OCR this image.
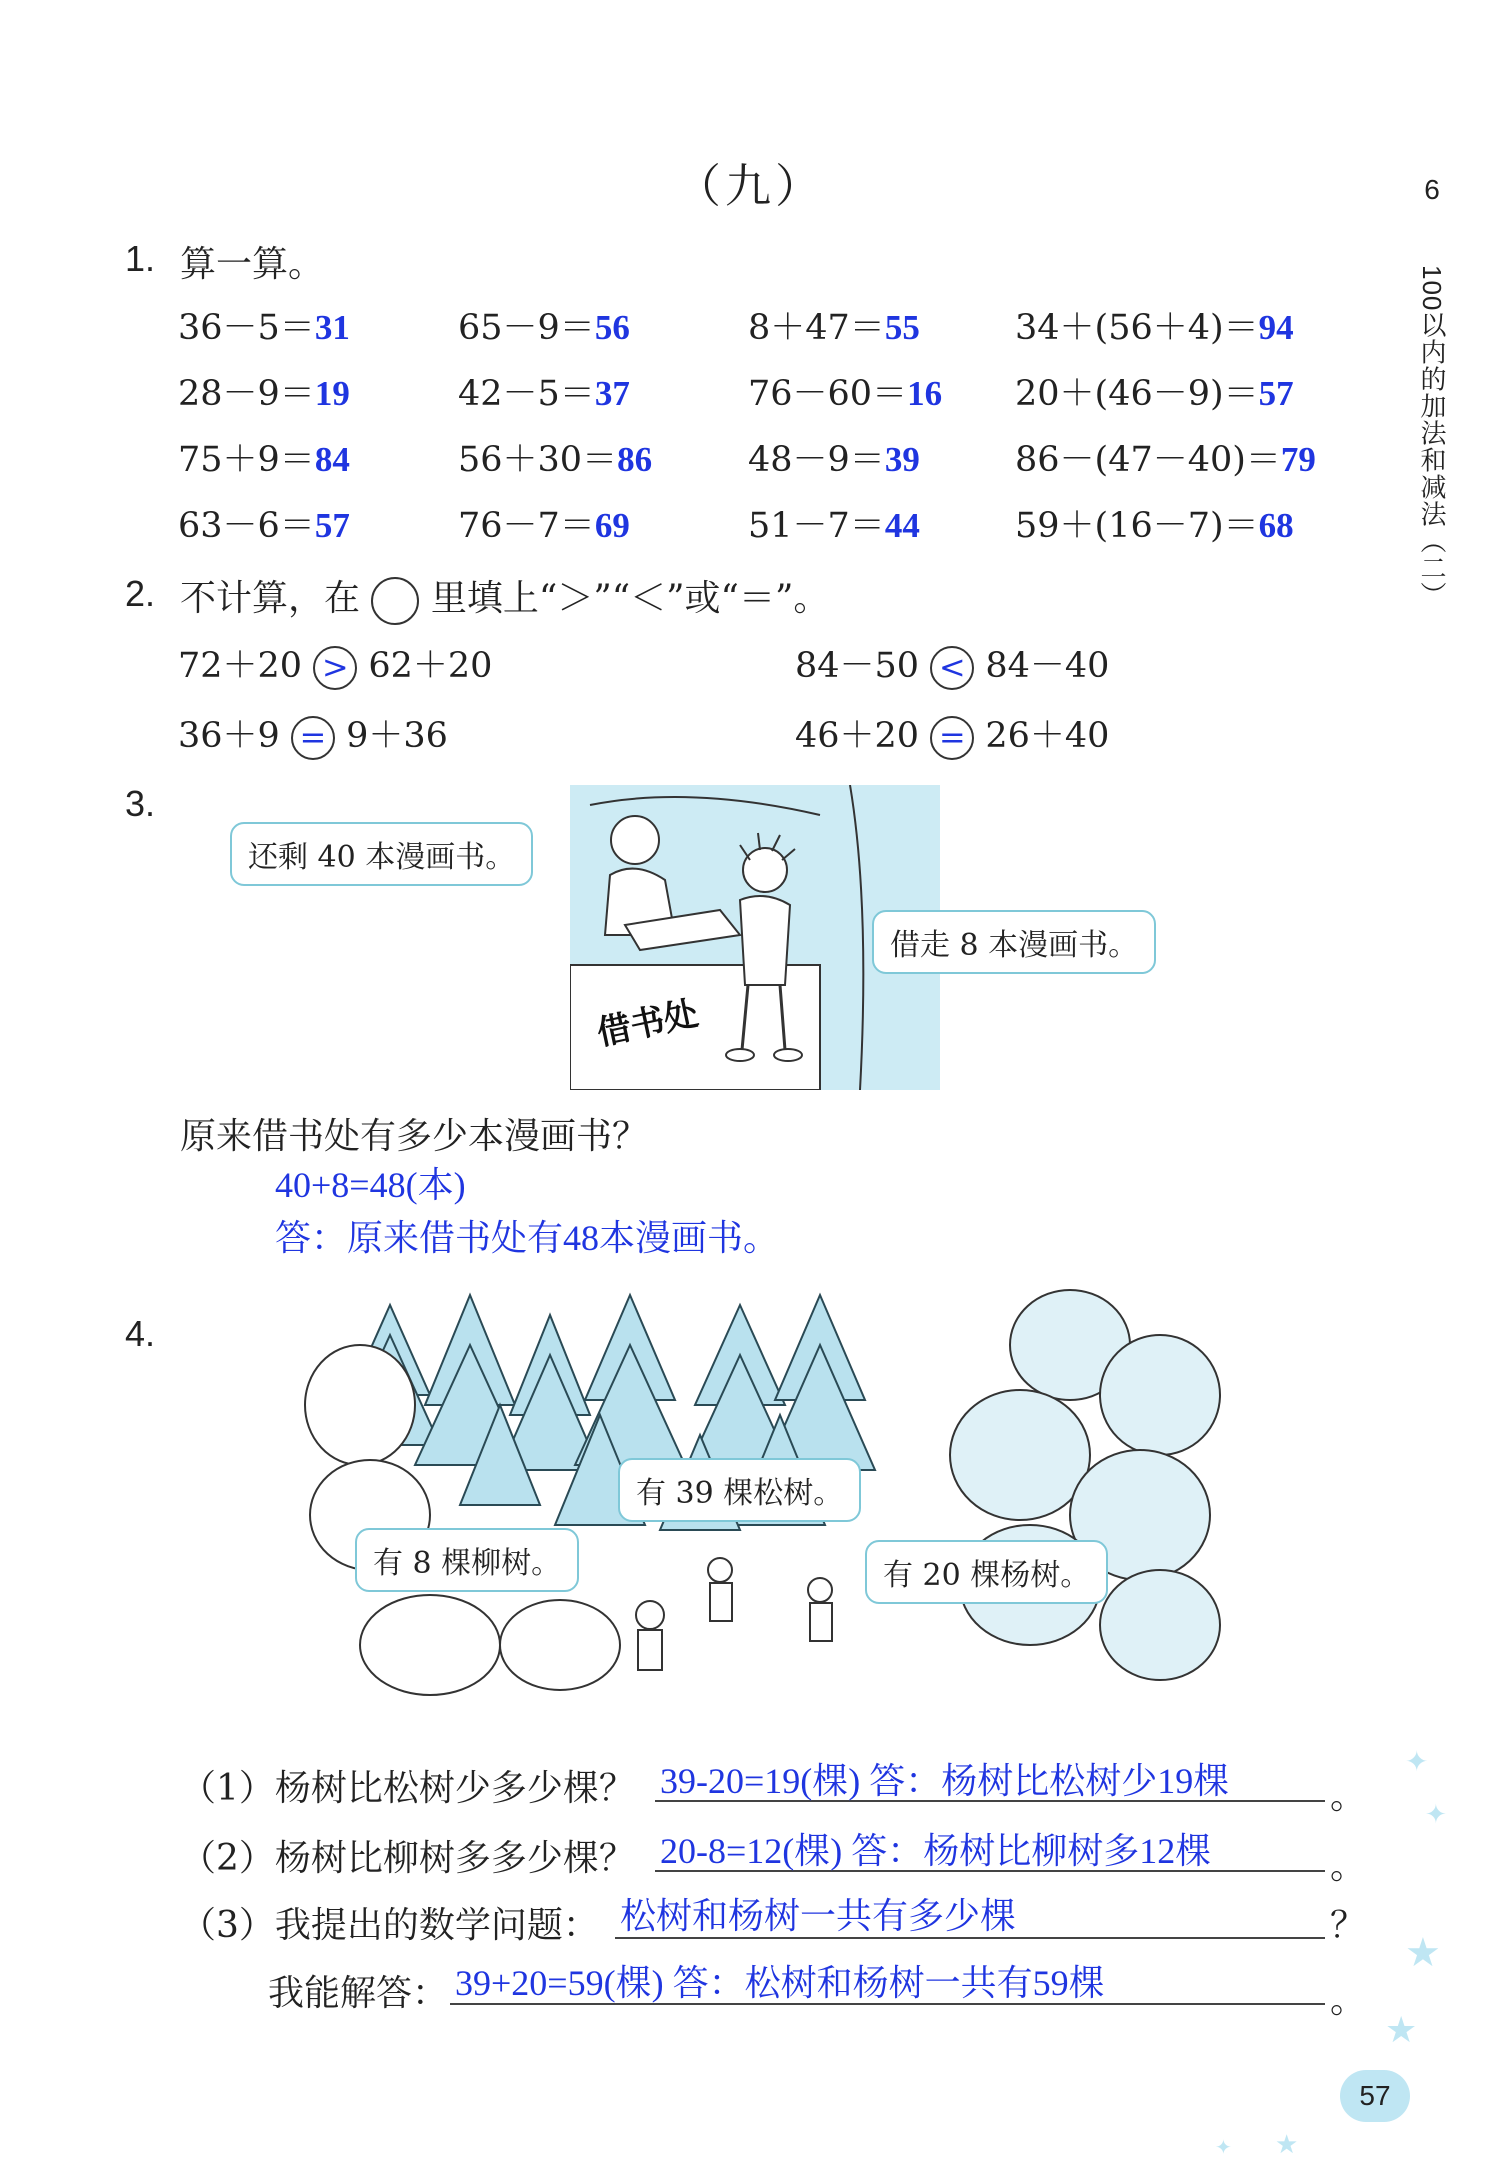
（九）	6
100以内的加法和减法（二）
1. 算一算。
36－5＝31	65－9＝56	8＋47＝55	34＋(56＋4)＝94
28－9＝19	42－5＝37	76－60＝16 20＋(46－9)＝57
75＋9＝84	56＋30＝86	48－9＝39	86－(47－40)＝79
63－6＝57	76－7＝69	51－7＝44	59＋(16－7)＝68
2. 不计算，在 里填上“＞”“＜”或“＝”。
72＋20 > 62＋20	84－50 < 84－40
36＋9 = 9＋36	46＋20 = 26＋40
3.
借书处
还剩 40 本漫画书。
借走 8 本漫画书。
原来借书处有多少本漫画书？
40+8=48(本)
答：原来借书处有48本漫画书。
4.
有 39 棵松树。
有 8 棵柳树。	有 20 棵杨树。
（1）杨树比松树少多少棵？ 39-20=19(棵) 答：杨树比松树少19棵	。
（2）杨树比柳树多多少棵？ 20-8=12(棵) 答：杨树比柳树多12棵	。
（3）我提出的数学问题： 松树和杨树一共有多少棵	？
我能解答： 39+20=59(棵) 答：松树和杨树一共有59棵	。
✦
✦
★
★
★
✦
57
